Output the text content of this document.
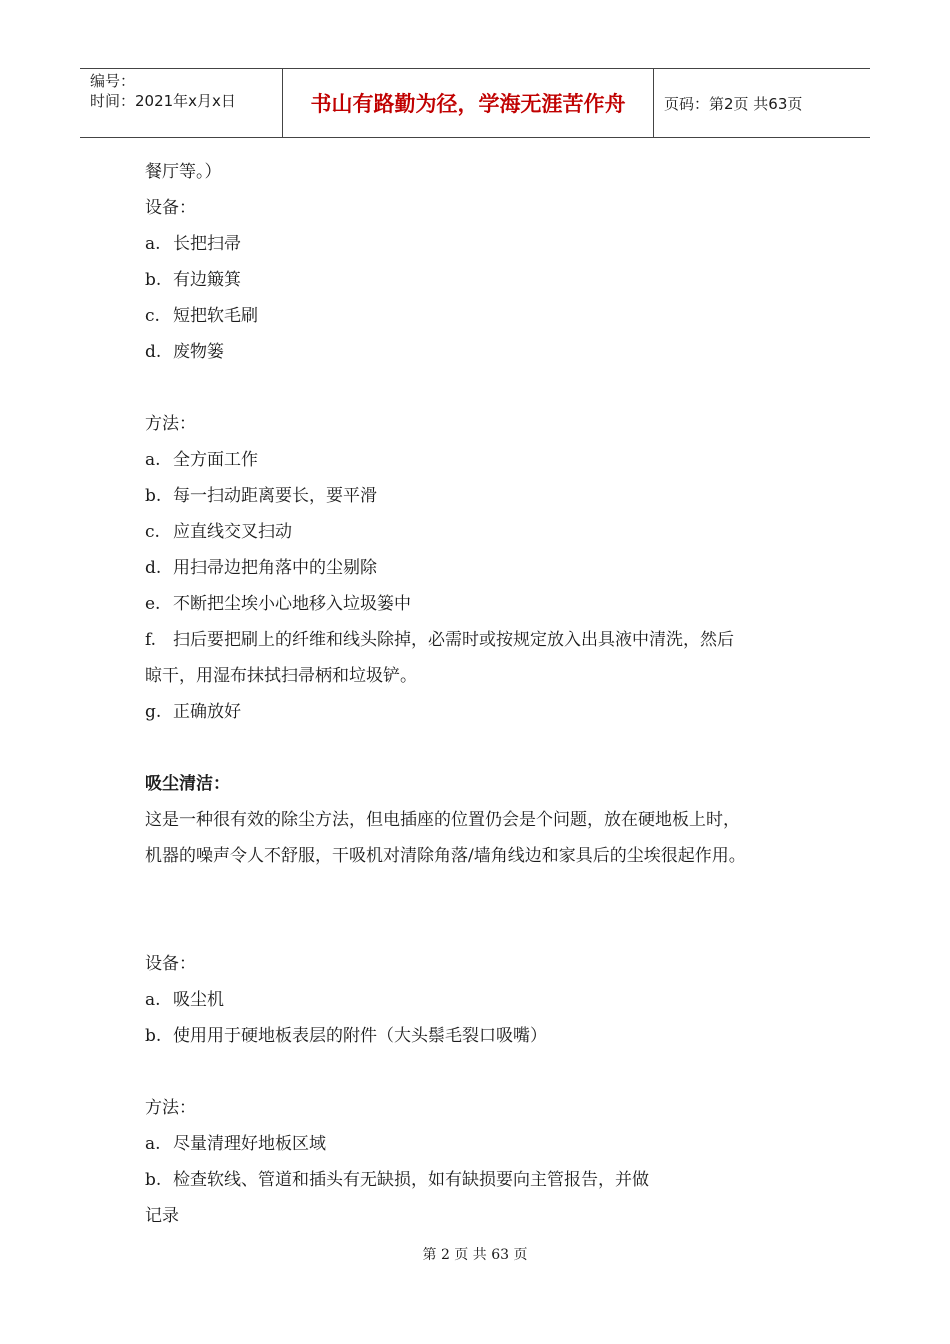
编号：
时间：2021年x月x日	书山有路勤为径，学海无涯苦作舟	页码：第2页 共63页
餐厅等。）
设备：
a. 长把扫帚
b. 有边簸箕
c. 短把软毛刷
d. 废物篓
方法：
a. 全方面工作
b. 每一扫动距离要长，要平滑
c. 应直线交叉扫动
d. 用扫帚边把角落中的尘剔除
e. 不断把尘埃小心地移入垃圾篓中
f. 扫后要把刷上的纤维和线头除掉，必需时或按规定放入出具液中清洗，然后
晾干，用湿布抹拭扫帚柄和垃圾铲。
g. 正确放好
吸尘清洁：
这是一种很有效的除尘方法，但电插座的位置仍会是个问题，放在硬地板上时，
机器的噪声令人不舒服，干吸机对清除角落/墙角线边和家具后的尘埃很起作用。
设备：
a. 吸尘机
b. 使用用于硬地板表层的附件（大头鬃毛裂口吸嘴）
方法：
a. 尽量清理好地板区域
b. 检查软线、管道和插头有无缺损，如有缺损要向主管报告，并做
记录
第 2 页 共 63 页
